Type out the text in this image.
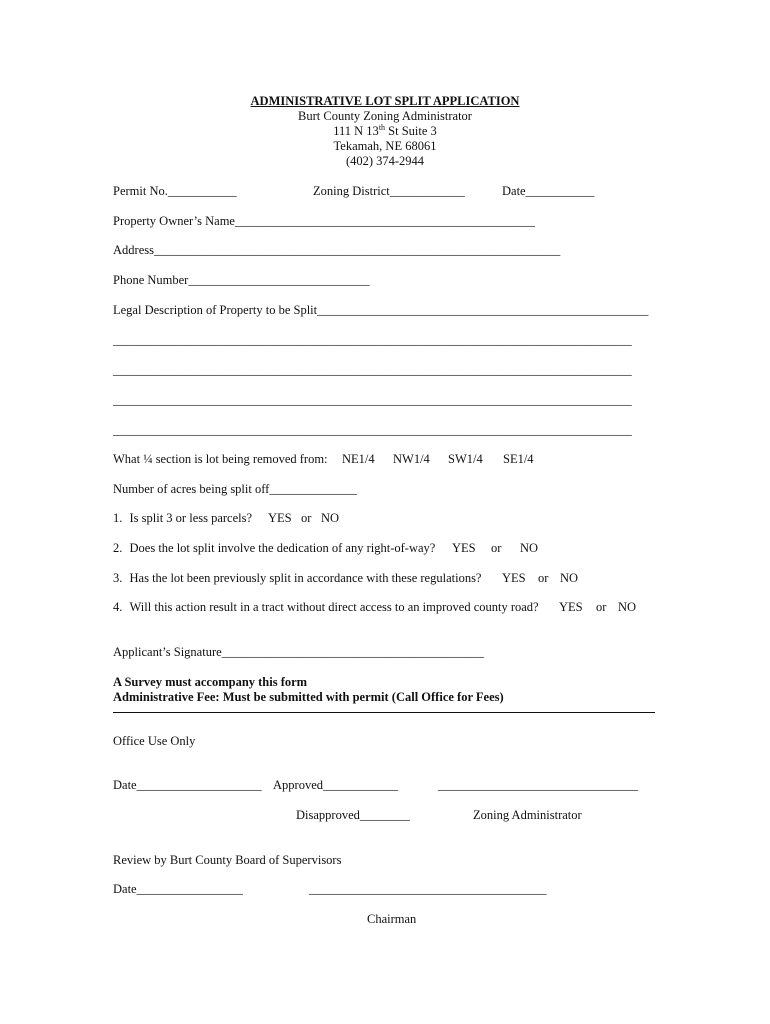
ADMINISTRATIVE LOT SPLIT APPLICATION
Burt County Zoning Administrator
111 N 13th St Suite 3
Tekamah, NE 68061
(402) 374-2944
Permit No.___________	Zoning District____________	Date___________
Property Owner’s Name________________________________________________
Address_________________________________________________________________
Phone Number_____________________________
Legal Description of Property to be Split_____________________________________________________
___________________________________________________________________________________
___________________________________________________________________________________
___________________________________________________________________________________
___________________________________________________________________________________
What ¼ section is lot being removed from: NE1/4 NW1/4 SW1/4 SE1/4
Number of acres being split off______________
1. Is split 3 or less parcels? YES or NO
2. Does the lot split involve the dedication of any right-of-way? YES or NO
3. Has the lot been previously split in accordance with these regulations? YES or NO
4. Will this action result in a tract without direct access to an improved county road? YES or NO
Applicant’s Signature__________________________________________
A Survey must accompany this form
Administrative Fee: Must be submitted with permit (Call Office for Fees)
Office Use Only
Date____________________ Approved____________	________________________________
Disapproved________	Zoning Administrator
Review by Burt County Board of Supervisors
Date_________________	______________________________________
Chairman
